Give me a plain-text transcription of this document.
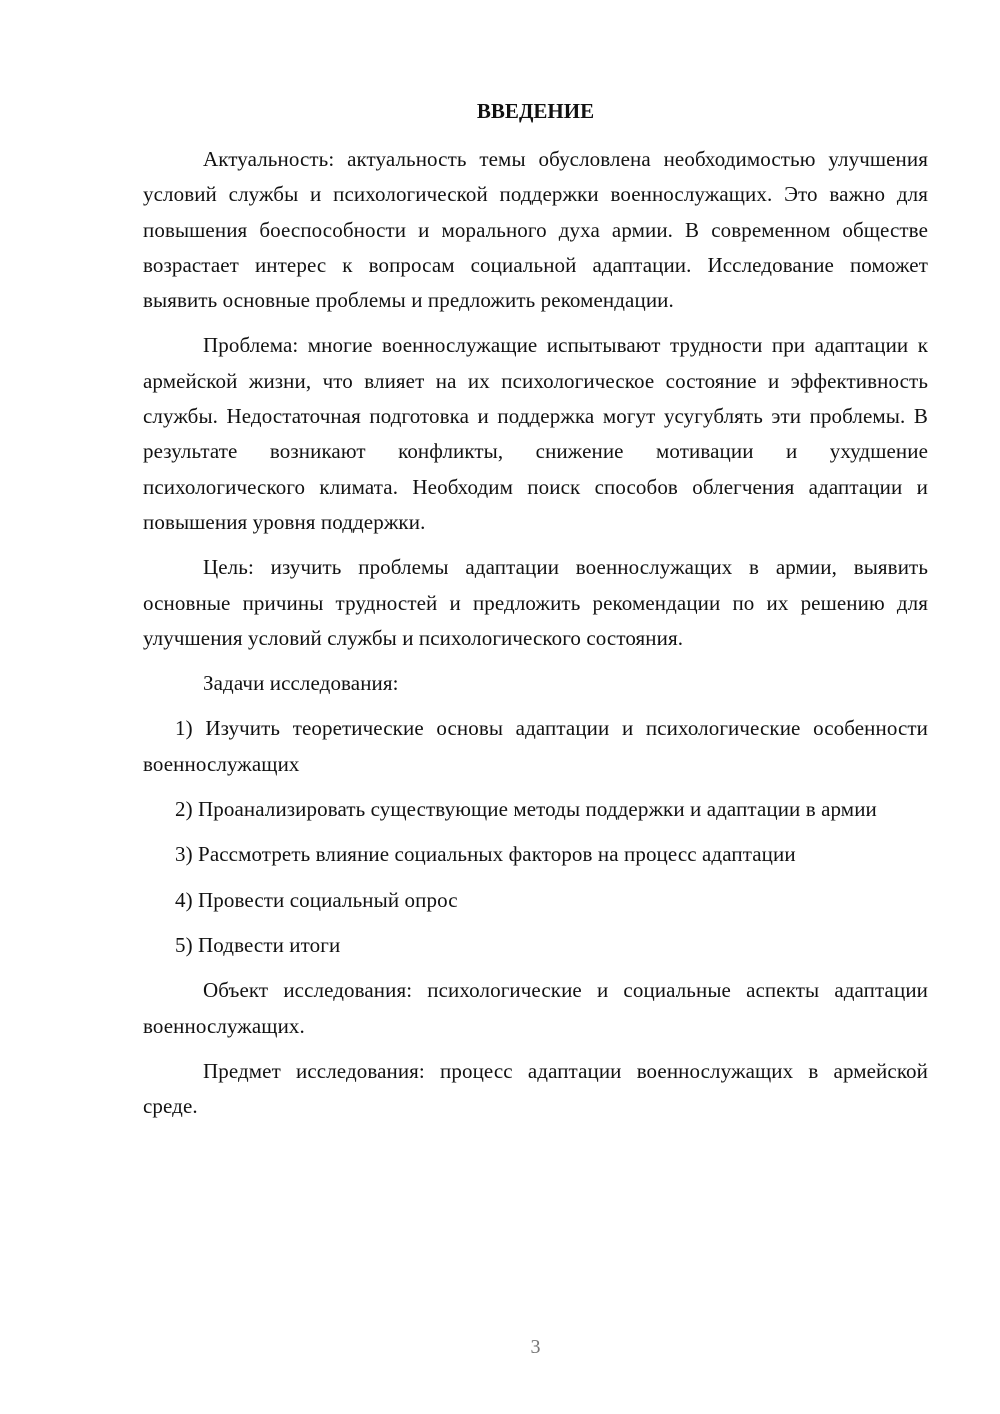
ВВЕДЕНИЕ

Актуальность: актуальность темы обусловлена необходимостью улучшения условий службы и психологической поддержки военнослужащих. Это важно для повышения боеспособности и морального духа армии. В современном обществе возрастает интерес к вопросам социальной адаптации. Исследование поможет выявить основные проблемы и предложить рекомендации.

Проблема: многие военнослужащие испытывают трудности при адаптации к армейской жизни, что влияет на их психологическое состояние и эффективность службы. Недостаточная подготовка и поддержка могут усугублять эти проблемы. В результате возникают конфликты, снижение мотивации и ухудшение психологического климата. Необходим поиск способов облегчения адаптации и повышения уровня поддержки.

Цель: изучить проблемы адаптации военнослужащих в армии, выявить основные причины трудностей и предложить рекомендации по их решению для улучшения условий службы и психологического состояния.

Задачи исследования:

1) Изучить теоретические основы адаптации и психологические особенности военнослужащих

2) Проанализировать существующие методы поддержки и адаптации в армии

3) Рассмотреть влияние социальных факторов на процесс адаптации

4) Провести социальный опрос

5) Подвести итоги

Объект исследования: психологические и социальные аспекты адаптации военнослужащих.

Предмет исследования: процесс адаптации военнослужащих в армейской среде.

3
